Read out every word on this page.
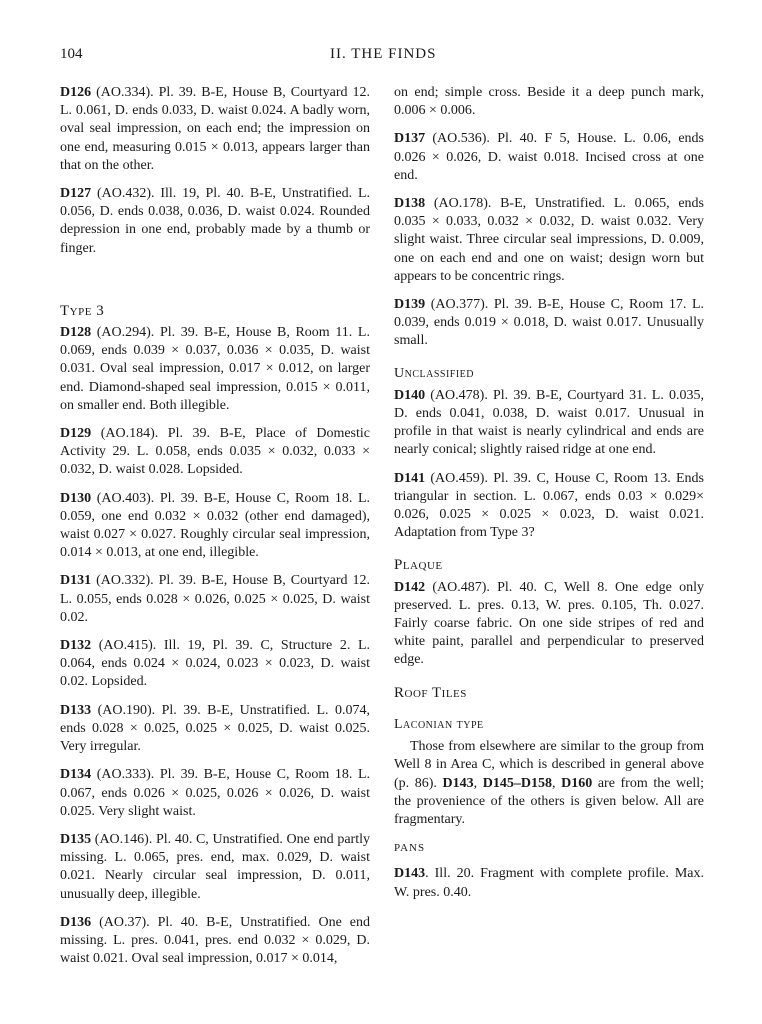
104	II. THE FINDS

D126 (AO.334). Pl. 39. B-E, House B, Courtyard 12. L. 0.061, D. ends 0.033, D. waist 0.024. A badly worn, oval seal impression, on each end; the impression on one end, measuring 0.015 × 0.013, appears larger than that on the other.

D127 (AO.432). Ill. 19, Pl. 40. B-E, Unstratified. L. 0.056, D. ends 0.038, 0.036, D. waist 0.024. Rounded depression in one end, probably made by a thumb or finger.

Type 3

D128 (AO.294). Pl. 39. B-E, House B, Room 11. L. 0.069, ends 0.039 × 0.037, 0.036 × 0.035, D. waist 0.031. Oval seal impression, 0.017 × 0.012, on larger end. Diamond-shaped seal impression, 0.015 × 0.011, on smaller end. Both illegible.

D129 (AO.184). Pl. 39. B-E, Place of Domestic Activity 29. L. 0.058, ends 0.035 × 0.032, 0.033 × 0.032, D. waist 0.028. Lopsided.

D130 (AO.403). Pl. 39. B-E, House C, Room 18. L. 0.059, one end 0.032 × 0.032 (other end damaged), waist 0.027 × 0.027. Roughly circular seal impression, 0.014 × 0.013, at one end, illegible.

D131 (AO.332). Pl. 39. B-E, House B, Courtyard 12. L. 0.055, ends 0.028 × 0.026, 0.025 × 0.025, D. waist 0.02.

D132 (AO.415). Ill. 19, Pl. 39. C, Structure 2. L. 0.064, ends 0.024 × 0.024, 0.023 × 0.023, D. waist 0.02. Lopsided.

D133 (AO.190). Pl. 39. B-E, Unstratified. L. 0.074, ends 0.028 × 0.025, 0.025 × 0.025, D. waist 0.025. Very irregular.

D134 (AO.333). Pl. 39. B-E, House C, Room 18. L. 0.067, ends 0.026 × 0.025, 0.026 × 0.026, D. waist 0.025. Very slight waist.

D135 (AO.146). Pl. 40. C, Unstratified. One end partly missing. L. 0.065, pres. end, max. 0.029, D. waist 0.021. Nearly circular seal impression, D. 0.011, unusually deep, illegible.

D136 (AO.37). Pl. 40. B-E, Unstratified. One end missing. L. pres. 0.041, pres. end 0.032 × 0.029, D. waist 0.021. Oval seal impression, 0.017 × 0.014,

on end; simple cross. Beside it a deep punch mark, 0.006 × 0.006.

D137 (AO.536). Pl. 40. F 5, House. L. 0.06, ends 0.026 × 0.026, D. waist 0.018. Incised cross at one end.

D138 (AO.178). B-E, Unstratified. L. 0.065, ends 0.035 × 0.033, 0.032 × 0.032, D. waist 0.032. Very slight waist. Three circular seal impressions, D. 0.009, one on each end and one on waist; design worn but appears to be concentric rings.

D139 (AO.377). Pl. 39. B-E, House C, Room 17. L. 0.039, ends 0.019 × 0.018, D. waist 0.017. Unusually small.

Unclassified

D140 (AO.478). Pl. 39. B-E, Courtyard 31. L. 0.035, D. ends 0.041, 0.038, D. waist 0.017. Unusual in profile in that waist is nearly cylindrical and ends are nearly conical; slightly raised ridge at one end.

D141 (AO.459). Pl. 39. C, House C, Room 13. Ends triangular in section. L. 0.067, ends 0.03 × 0.029× 0.026, 0.025 × 0.025 × 0.023, D. waist 0.021. Adaptation from Type 3?

Plaque

D142 (AO.487). Pl. 40. C, Well 8. One edge only preserved. L. pres. 0.13, W. pres. 0.105, Th. 0.027. Fairly coarse fabric. On one side stripes of red and white paint, parallel and perpendicular to preserved edge.

Roof Tiles
Laconian type

Those from elsewhere are similar to the group from Well 8 in Area C, which is described in general above (p. 86). D143, D145–D158, D160 are from the well; the provenience of the others is given below. All are fragmentary.

PANS

D143. Ill. 20. Fragment with complete profile. Max. W. pres. 0.40.
